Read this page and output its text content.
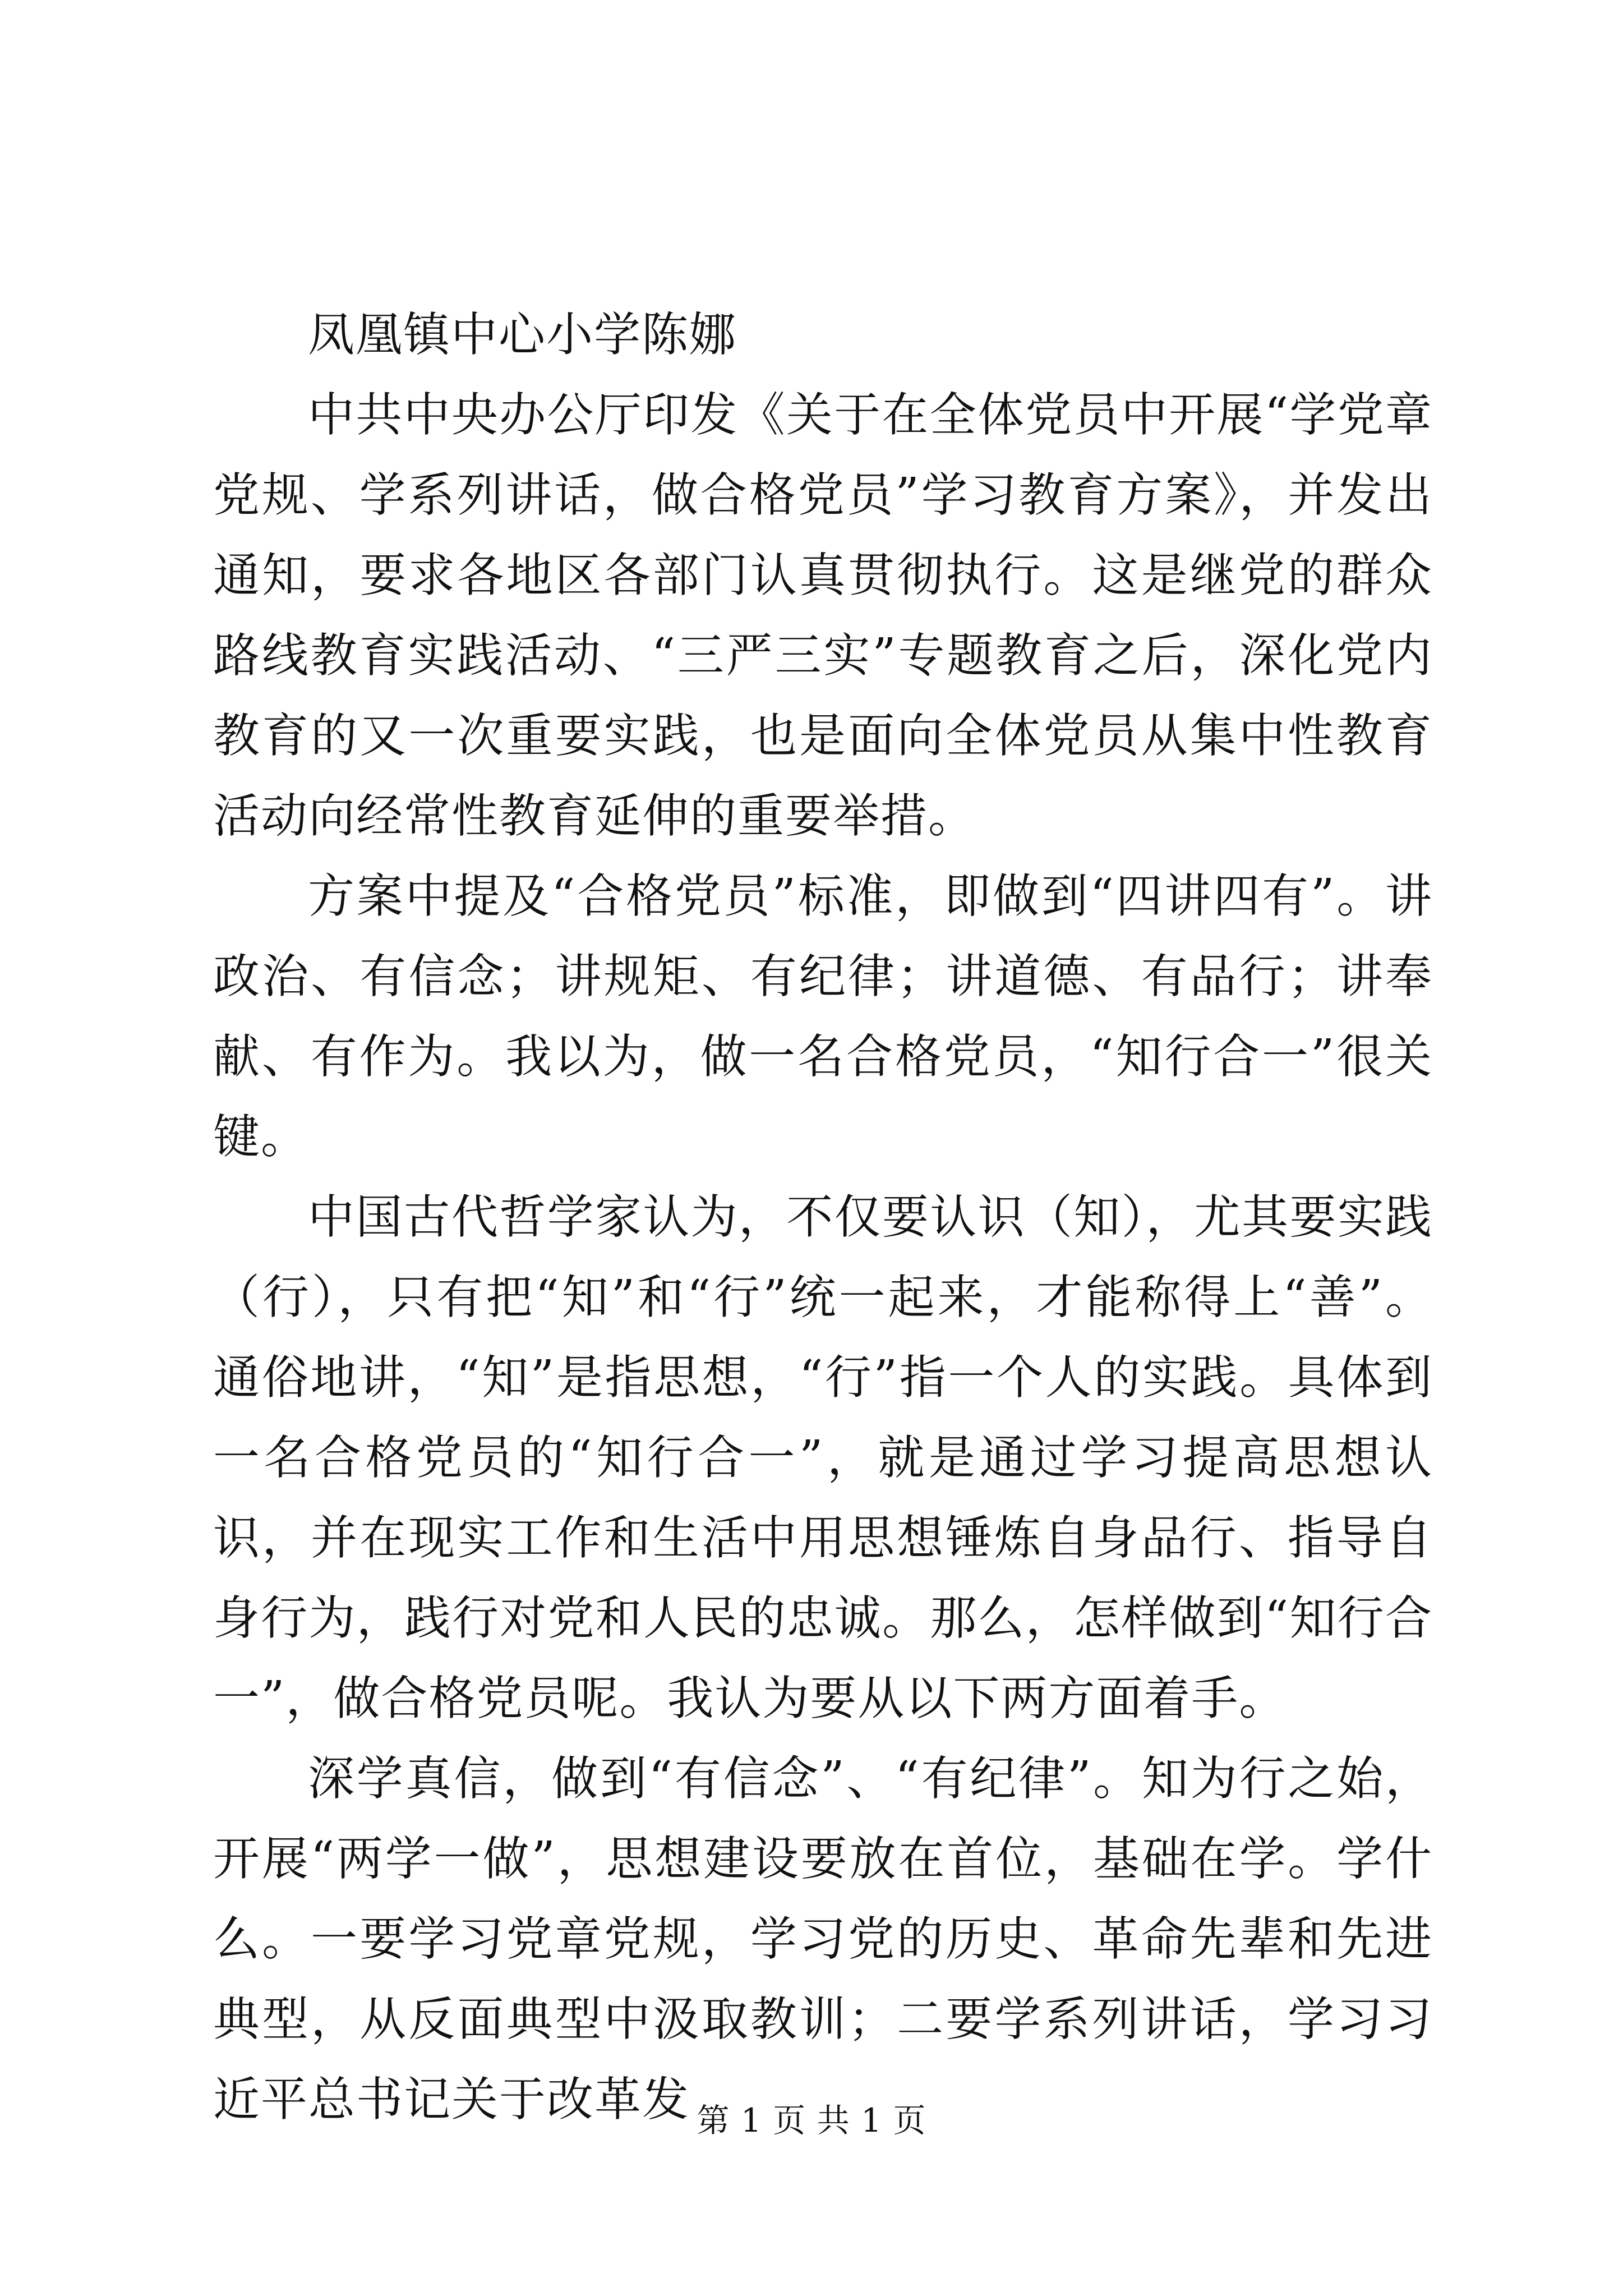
凤凰镇中心小学陈娜

中共中央办公厅印发《关于在全体党员中开展“学党章党规、学系列讲话，做合格党员”学习教育方案》，并发出通知，要求各地区各部门认真贯彻执行。这是继党的群众路线教育实践活动、“三严三实”专题教育之后，深化党内教育的又一次重要实践，也是面向全体党员从集中性教育活动向经常性教育延伸的重要举措。

方案中提及“合格党员”标准，即做到“四讲四有”。讲政治、有信念；讲规矩、有纪律；讲道德、有品行；讲奉献、有作为。我以为，做一名合格党员，“知行合一”很关键。

中国古代哲学家认为，不仅要认识（知），尤其要实践（行），只有把“知”和“行”统一起来，才能称得上“善”。通俗地讲，“知”是指思想，“行”指一个人的实践。具体到一名合格党员的“知行合一”，就是通过学习提高思想认识，并在现实工作和生活中用思想锤炼自身品行、指导自身行为，践行对党和人民的忠诚。那么，怎样做到“知行合一”，做合格党员呢。我认为要从以下两方面着手。

深学真信，做到“有信念”、“有纪律”。知为行之始，开展“两学一做”，思想建设要放在首位，基础在学。学什么。一要学习党章党规，学习党的历史、革命先辈和先进典型，从反面典型中汲取教训；二要学系列讲话，学习习近平总书记关于改革发 第 1 页 共 1 页
